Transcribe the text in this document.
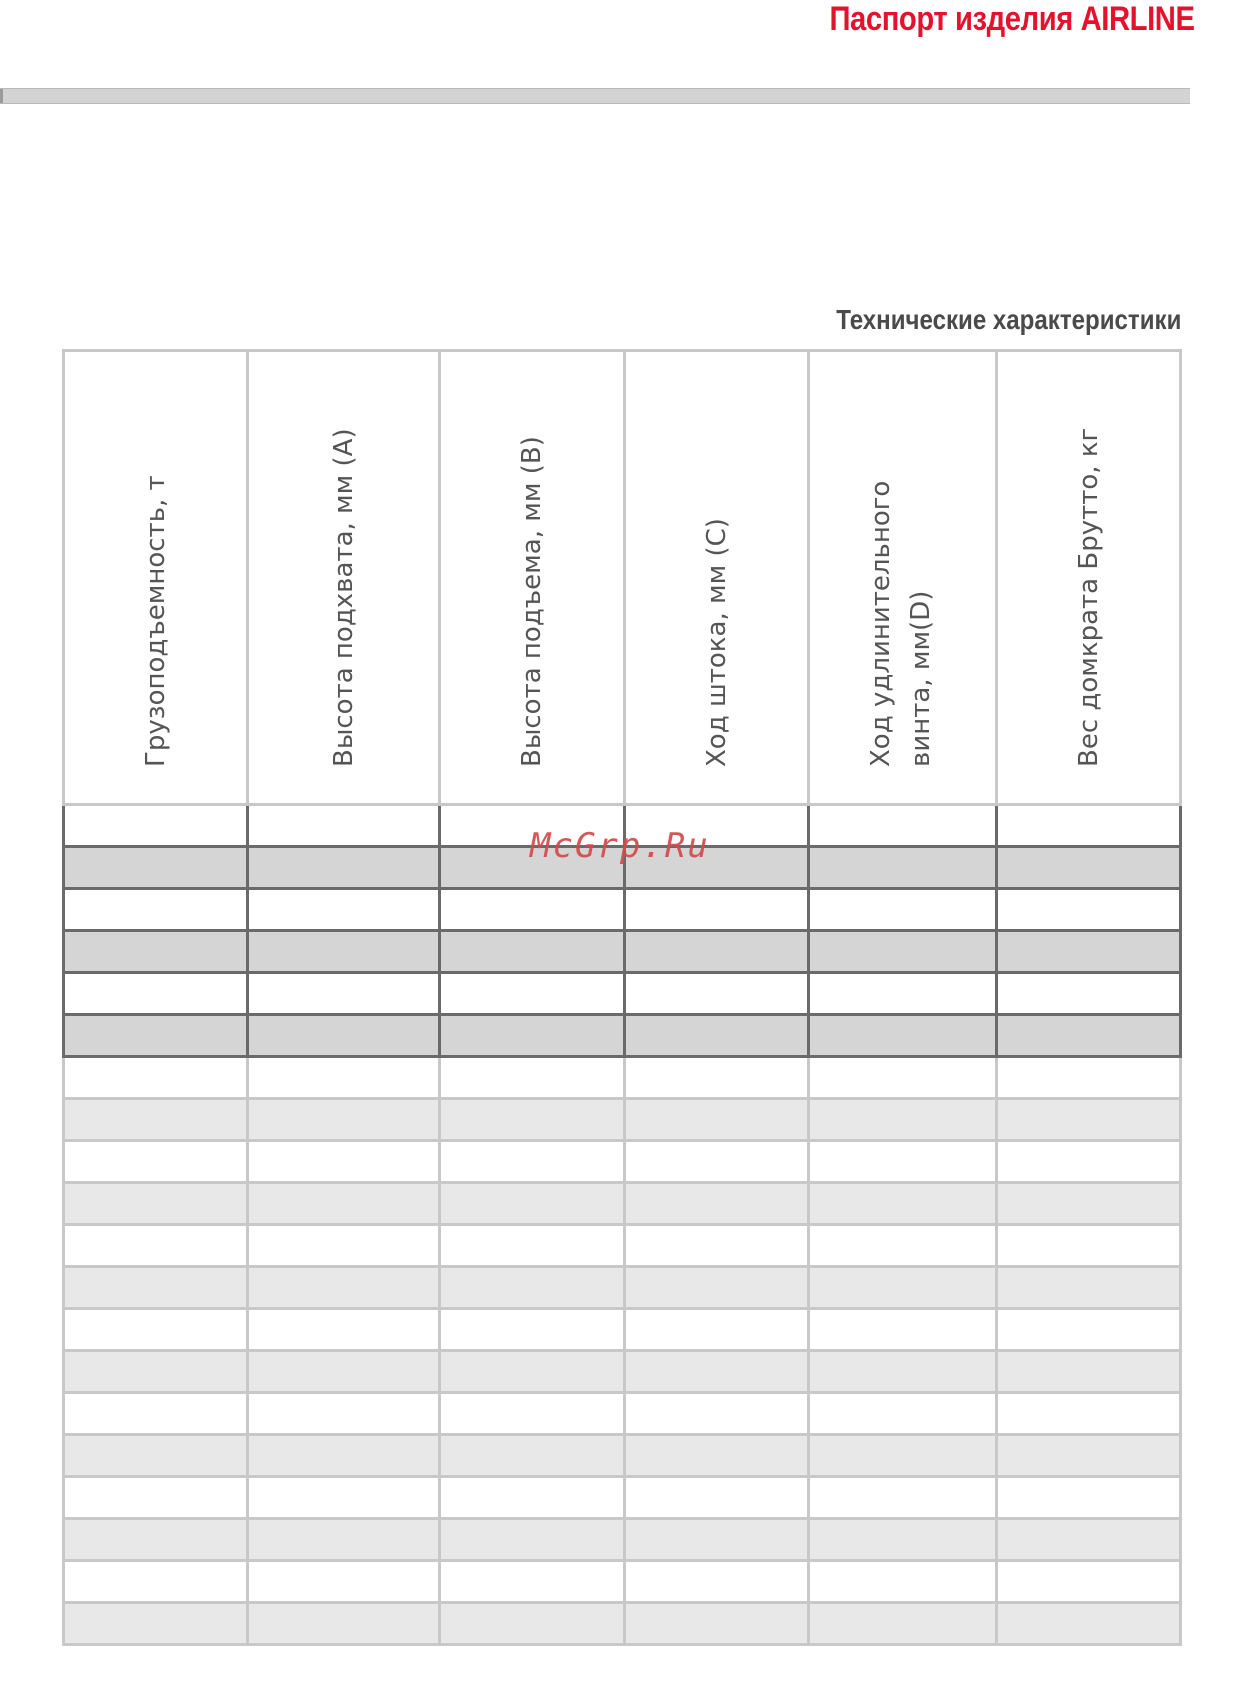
Паспорт изделия AIRLINE
Технические характеристики
Грузоподъемность, т	Высота подхвата, мм (А)	Высота подъема, мм (В)	Ход штока, мм (С)	Ход удлинительного винта, мм(D)	Вес домкрата Брутто, кг

McGrp.Ru
